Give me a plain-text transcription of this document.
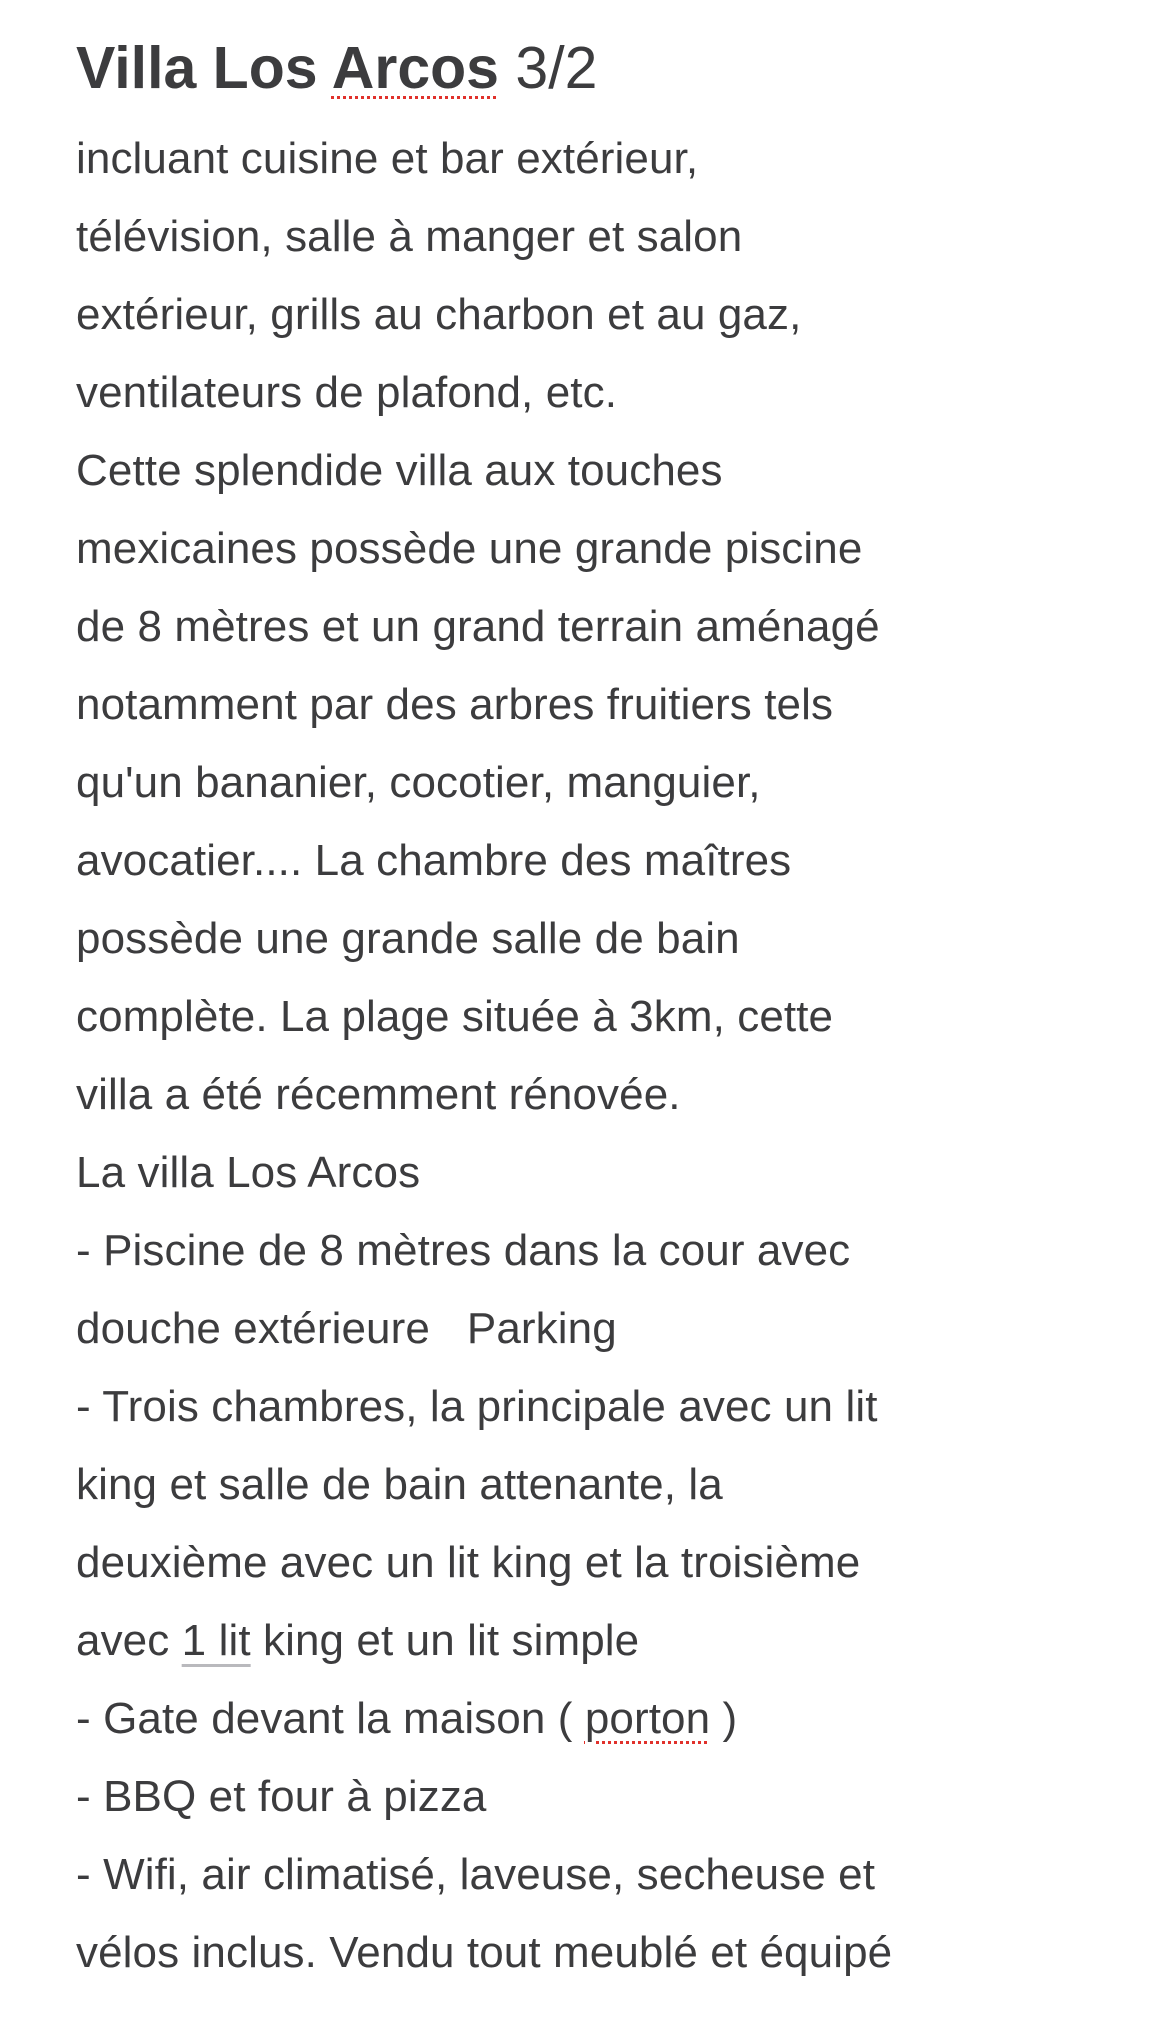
Villa Los Arcos 3/2
incluant cuisine et bar extérieur,
télévision, salle à manger et salon
extérieur, grills au charbon et au gaz,
ventilateurs de plafond, etc.
Cette splendide villa aux touches
mexicaines possède une grande piscine
de 8 mètres et un grand terrain aménagé
notamment par des arbres fruitiers tels
qu'un bananier, cocotier, manguier,
avocatier.... La chambre des maîtres
possède une grande salle de bain
complète. La plage située à 3km, cette
villa a été récemment rénovée.
La villa Los Arcos
- Piscine de 8 mètres dans la cour avec
douche extérieure   Parking
- Trois chambres, la principale avec un lit
king et salle de bain attenante, la
deuxième avec un lit king et la troisième
avec 1 lit king et un lit simple
- Gate devant la maison ( porton )
- BBQ et four à pizza
- Wifi, air climatisé, laveuse, secheuse et
vélos inclus. Vendu tout meublé et équipé
